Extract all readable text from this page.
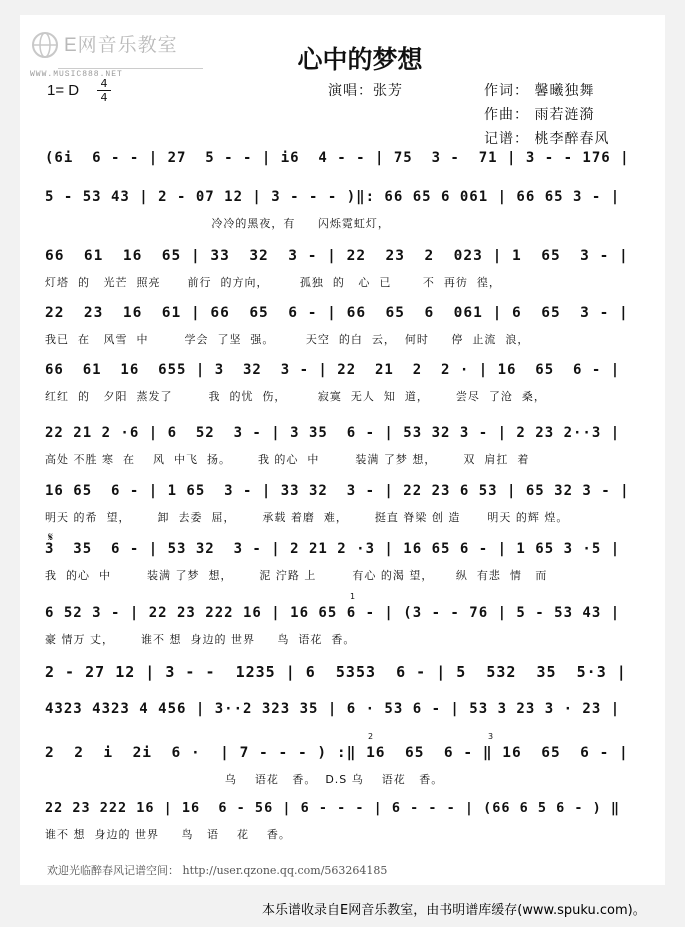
E网音乐教室
WWW.MUSIC888.NET
心中的梦想
1= D	4
4	演唱：张芳	作词： 馨曦独舞
作曲： 雨若涟漪
记谱： 桃李醉春风
(6i  6 - - | 27  5 - - | i6  4 - - | 75  3 -  71 | 3 - - 176 |
5 - 53 43 | 2 - 07 12 | 3 - - - )‖: 66 65 6 061 | 66 65 3 - |
冷冷的黑夜，有     闪烁霓虹灯，
66  61  16  65 | 33  32  3 - | 22  23  2  023 | 1  65  3 - |
灯塔  的   光芒  照亮      前行  的方向，       孤独  的   心  已       不  再彷  徨，
22  23  16  61 | 66  65  6 - | 66  65  6  061 | 6  65  3 - |
我已  在   风雪  中        学会  了坚  强。       天空  的白  云，  何时     停  止流  浪，
66  61  16  655 | 3  32  3 - | 22  21  2  2 · | 16  65  6 - |
红红  的   夕阳  蒸发了        我  的忧  伤，       寂寞  无人  知  道，      尝尽  了沧  桑，
22 21 2 ·6 | 6  52  3 - | 3 35  6 - | 53 32 3 - | 2 23 2··3 |
高处 不胜 寒  在    风  中飞  扬。      我 的心  中        装满 了梦 想，      双  肩扛  着
16 65  6 - | 1 65  3 - | 33 32  3 - | 22 23 6 53 | 65 32 3 - |
明天 的希  望，      卸  去委  屈，      承载 着磨  难，      挺直 脊梁 创 造      明天 的辉 煌。
3  35  6 - | 53 32  3 - | 2 21 2 ·3 | 16 65 6 - | 1 65 3 ·5 |
我  的心  中        装满 了梦  想，      泥 泞路 上        有心 的渴 望，     纵  有悲  情   而
6 52 3 - | 22 23 222 16 | 16 65 6 - | (3 - - 76 | 5 - 53 43 |
豪 情万 丈，      谁不 想  身边的 世界     鸟  语花  香。
2 - 27 12 | 3 - -  1235 | 6  5353  6 - | 5  532  35  5·3 |
4323 4323 4 456 | 3··2 323 35 | 6 · 53 6 - | 53 3 23 3 · 23 |
2  2  i  2i  6 ·  | 7 - - - ) :‖ 16  65  6 - ‖ 16  65  6 - |
乌    语花   香。  D.S 乌    语花   香。
22 23 222 16 | 16  6 - 56 | 6 - - - | 6 - - - | (66 6 5 6 - ) ‖
谁不 想  身边的 世界     鸟   语    花    香。
𝄋
1
2	3
欢迎光临醉春风记谱空间： http://user.qzone.qq.com/563264185
本乐谱收录自E网音乐教室，由书明谱库缓存(www.spuku.com)。
